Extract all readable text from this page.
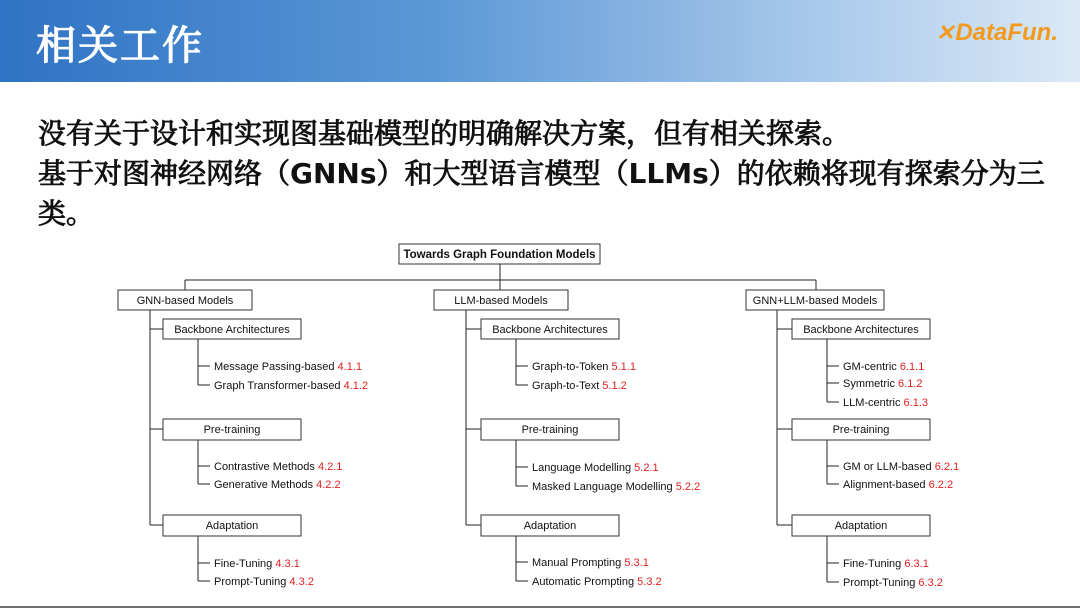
相关工作	✕ DataFun.

没有关于设计和实现图基础模型的明确解决方案，但有相关探索。

基于对图神经网络（GNNs）和大型语言模型（LLMs）的依赖将现有探索分为三类。

Towards Graph Foundation Models
GNN-based Models	LLM-based Models	GNN+LLM-based Models
Backbone Architectures
Pre-training
Adaptation
Backbone Architectures
Pre-training
Adaptation
Backbone Architectures
Pre-training
Adaptation
Message Passing-based 4.1.1
Graph Transformer-based 4.1.2
Contrastive Methods 4.2.1
Generative Methods 4.2.2
Fine-Tuning 4.3.1
Prompt-Tuning 4.3.2
Graph-to-Token 5.1.1
Graph-to-Text 5.1.2
Language Modelling 5.2.1
Masked Language Modelling 5.2.2
Manual Prompting 5.3.1
Automatic Prompting 5.3.2
GM-centric 6.1.1
Symmetric 6.1.2
LLM-centric 6.1.3
GM or LLM-based 6.2.1
Alignment-based 6.2.2
Fine-Tuning 6.3.1
Prompt-Tuning 6.3.2
